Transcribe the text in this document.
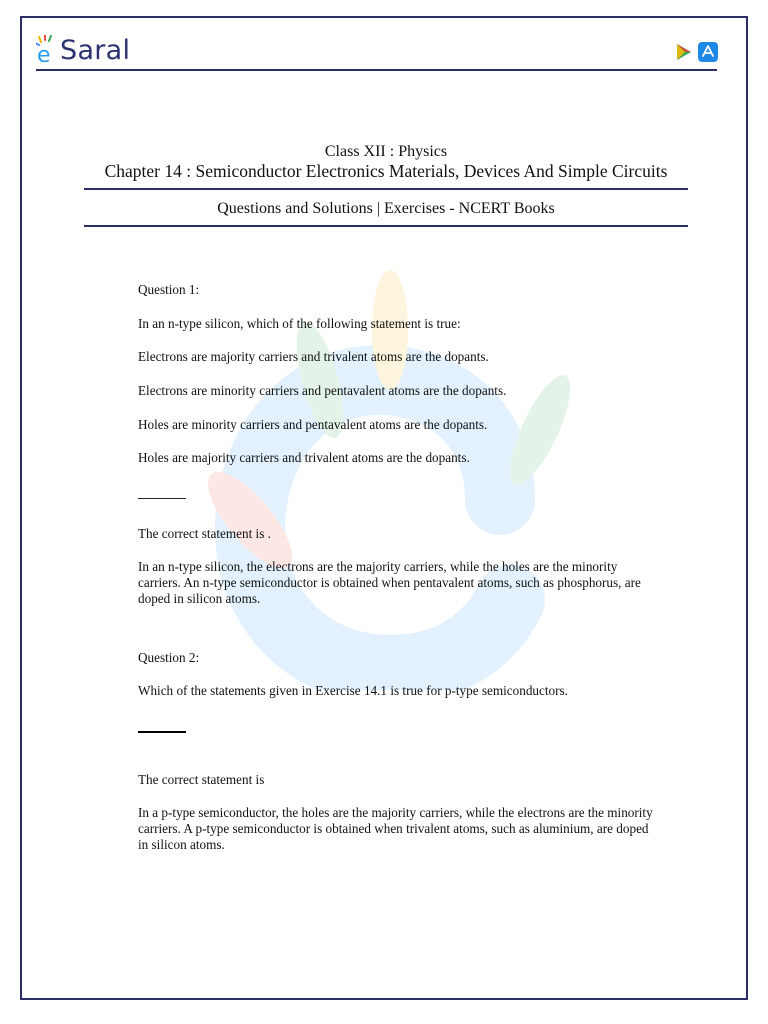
e Saral
Class XII : Physics
Chapter 14 : Semiconductor Electronics Materials, Devices And Simple Circuits
Questions and Solutions | Exercises - NCERT Books

Question 1:

In an n-type silicon, which of the following statement is true:

Electrons are majority carriers and trivalent atoms are the dopants.

Electrons are minority carriers and pentavalent atoms are the dopants.

Holes are minority carriers and pentavalent atoms are the dopants.

Holes are majority carriers and trivalent atoms are the dopants.

The correct statement is .

In an n-type silicon, the electrons are the majority carriers, while the holes are the minority carriers. An n-type semiconductor is obtained when pentavalent atoms, such as phosphorus, are doped in silicon atoms.

Question 2:

Which of the statements given in Exercise 14.1 is true for p-type semiconductors.

The correct statement is

In a p-type semiconductor, the holes are the majority carriers, while the electrons are the minority carriers. A p-type semiconductor is obtained when trivalent atoms, such as aluminium, are doped in silicon atoms.
